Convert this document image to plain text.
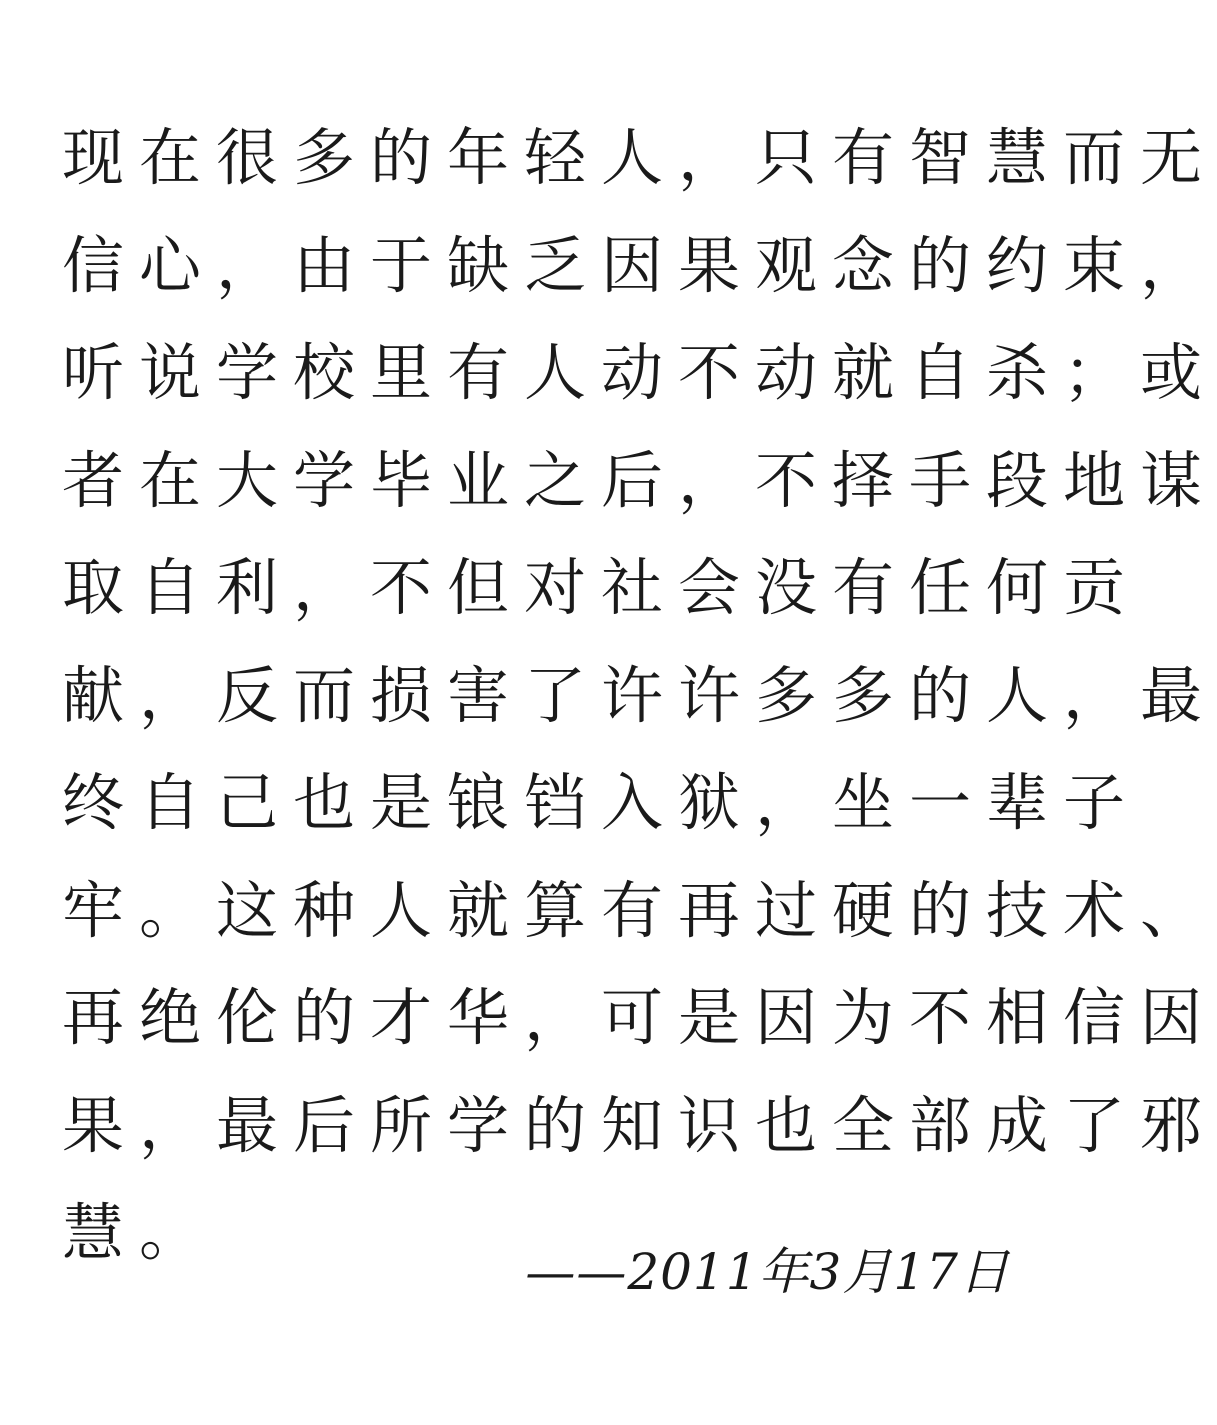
现在很多的年轻人，只有智慧而无
信心，由于缺乏因果观念的约束，
听说学校里有人动不动就自杀；或
者在大学毕业之后，不择手段地谋
取自利，不但对社会没有任何贡
献，反而损害了许许多多的人，最
终自己也是锒铛入狱，坐一辈子
牢。这种人就算有再过硬的技术、
再绝伦的才华，可是因为不相信因
果，最后所学的知识也全部成了邪
慧。
——2011年3月17日
